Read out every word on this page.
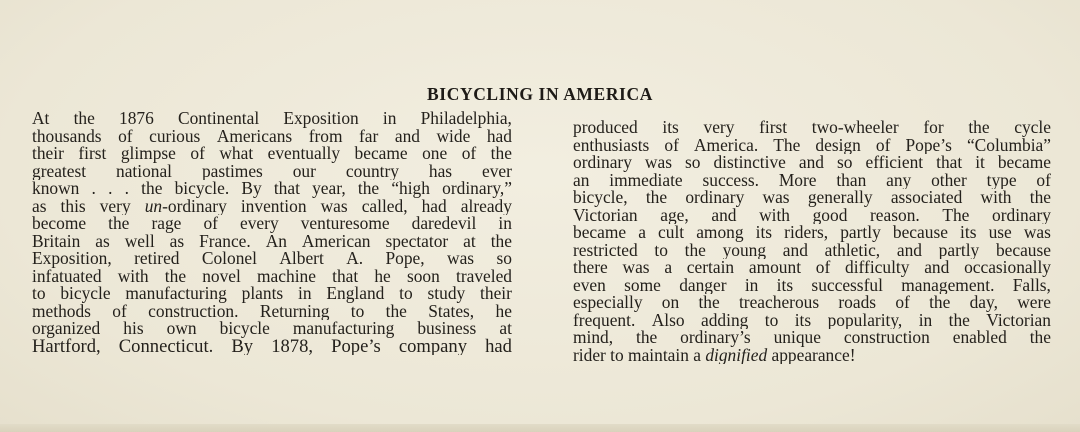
BICYCLING IN AMERICA
At the 1876 Continental Exposition in Philadelphia,
thousands of curious Americans from far and wide had
their first glimpse of what eventually became one of the
greatest national pastimes our country has ever
known . . . the bicycle. By that year, the “high ordinary,”
as this very un-ordinary invention was called, had already
become the rage of every venturesome daredevil in
Britain as well as France. An American spectator at the
Exposition, retired Colonel Albert A. Pope, was so
infatuated with the novel machine that he soon traveled
to bicycle manufacturing plants in England to study their
methods of construction. Returning to the States, he
organized his own bicycle manufacturing business at
Hartford, Connecticut. By 1878, Pope’s company had
produced its very first two-wheeler for the cycle
enthusiasts of America. The design of Pope’s “Columbia”
ordinary was so distinctive and so efficient that it became
an immediate success. More than any other type of
bicycle, the ordinary was generally associated with the
Victorian age, and with good reason. The ordinary
became a cult among its riders, partly because its use was
restricted to the young and athletic, and partly because
there was a certain amount of difficulty and occasionally
even some danger in its successful management. Falls,
especially on the treacherous roads of the day, were
frequent. Also adding to its popularity, in the Victorian
mind, the ordinary’s unique construction enabled the
rider to maintain a dignified appearance!
